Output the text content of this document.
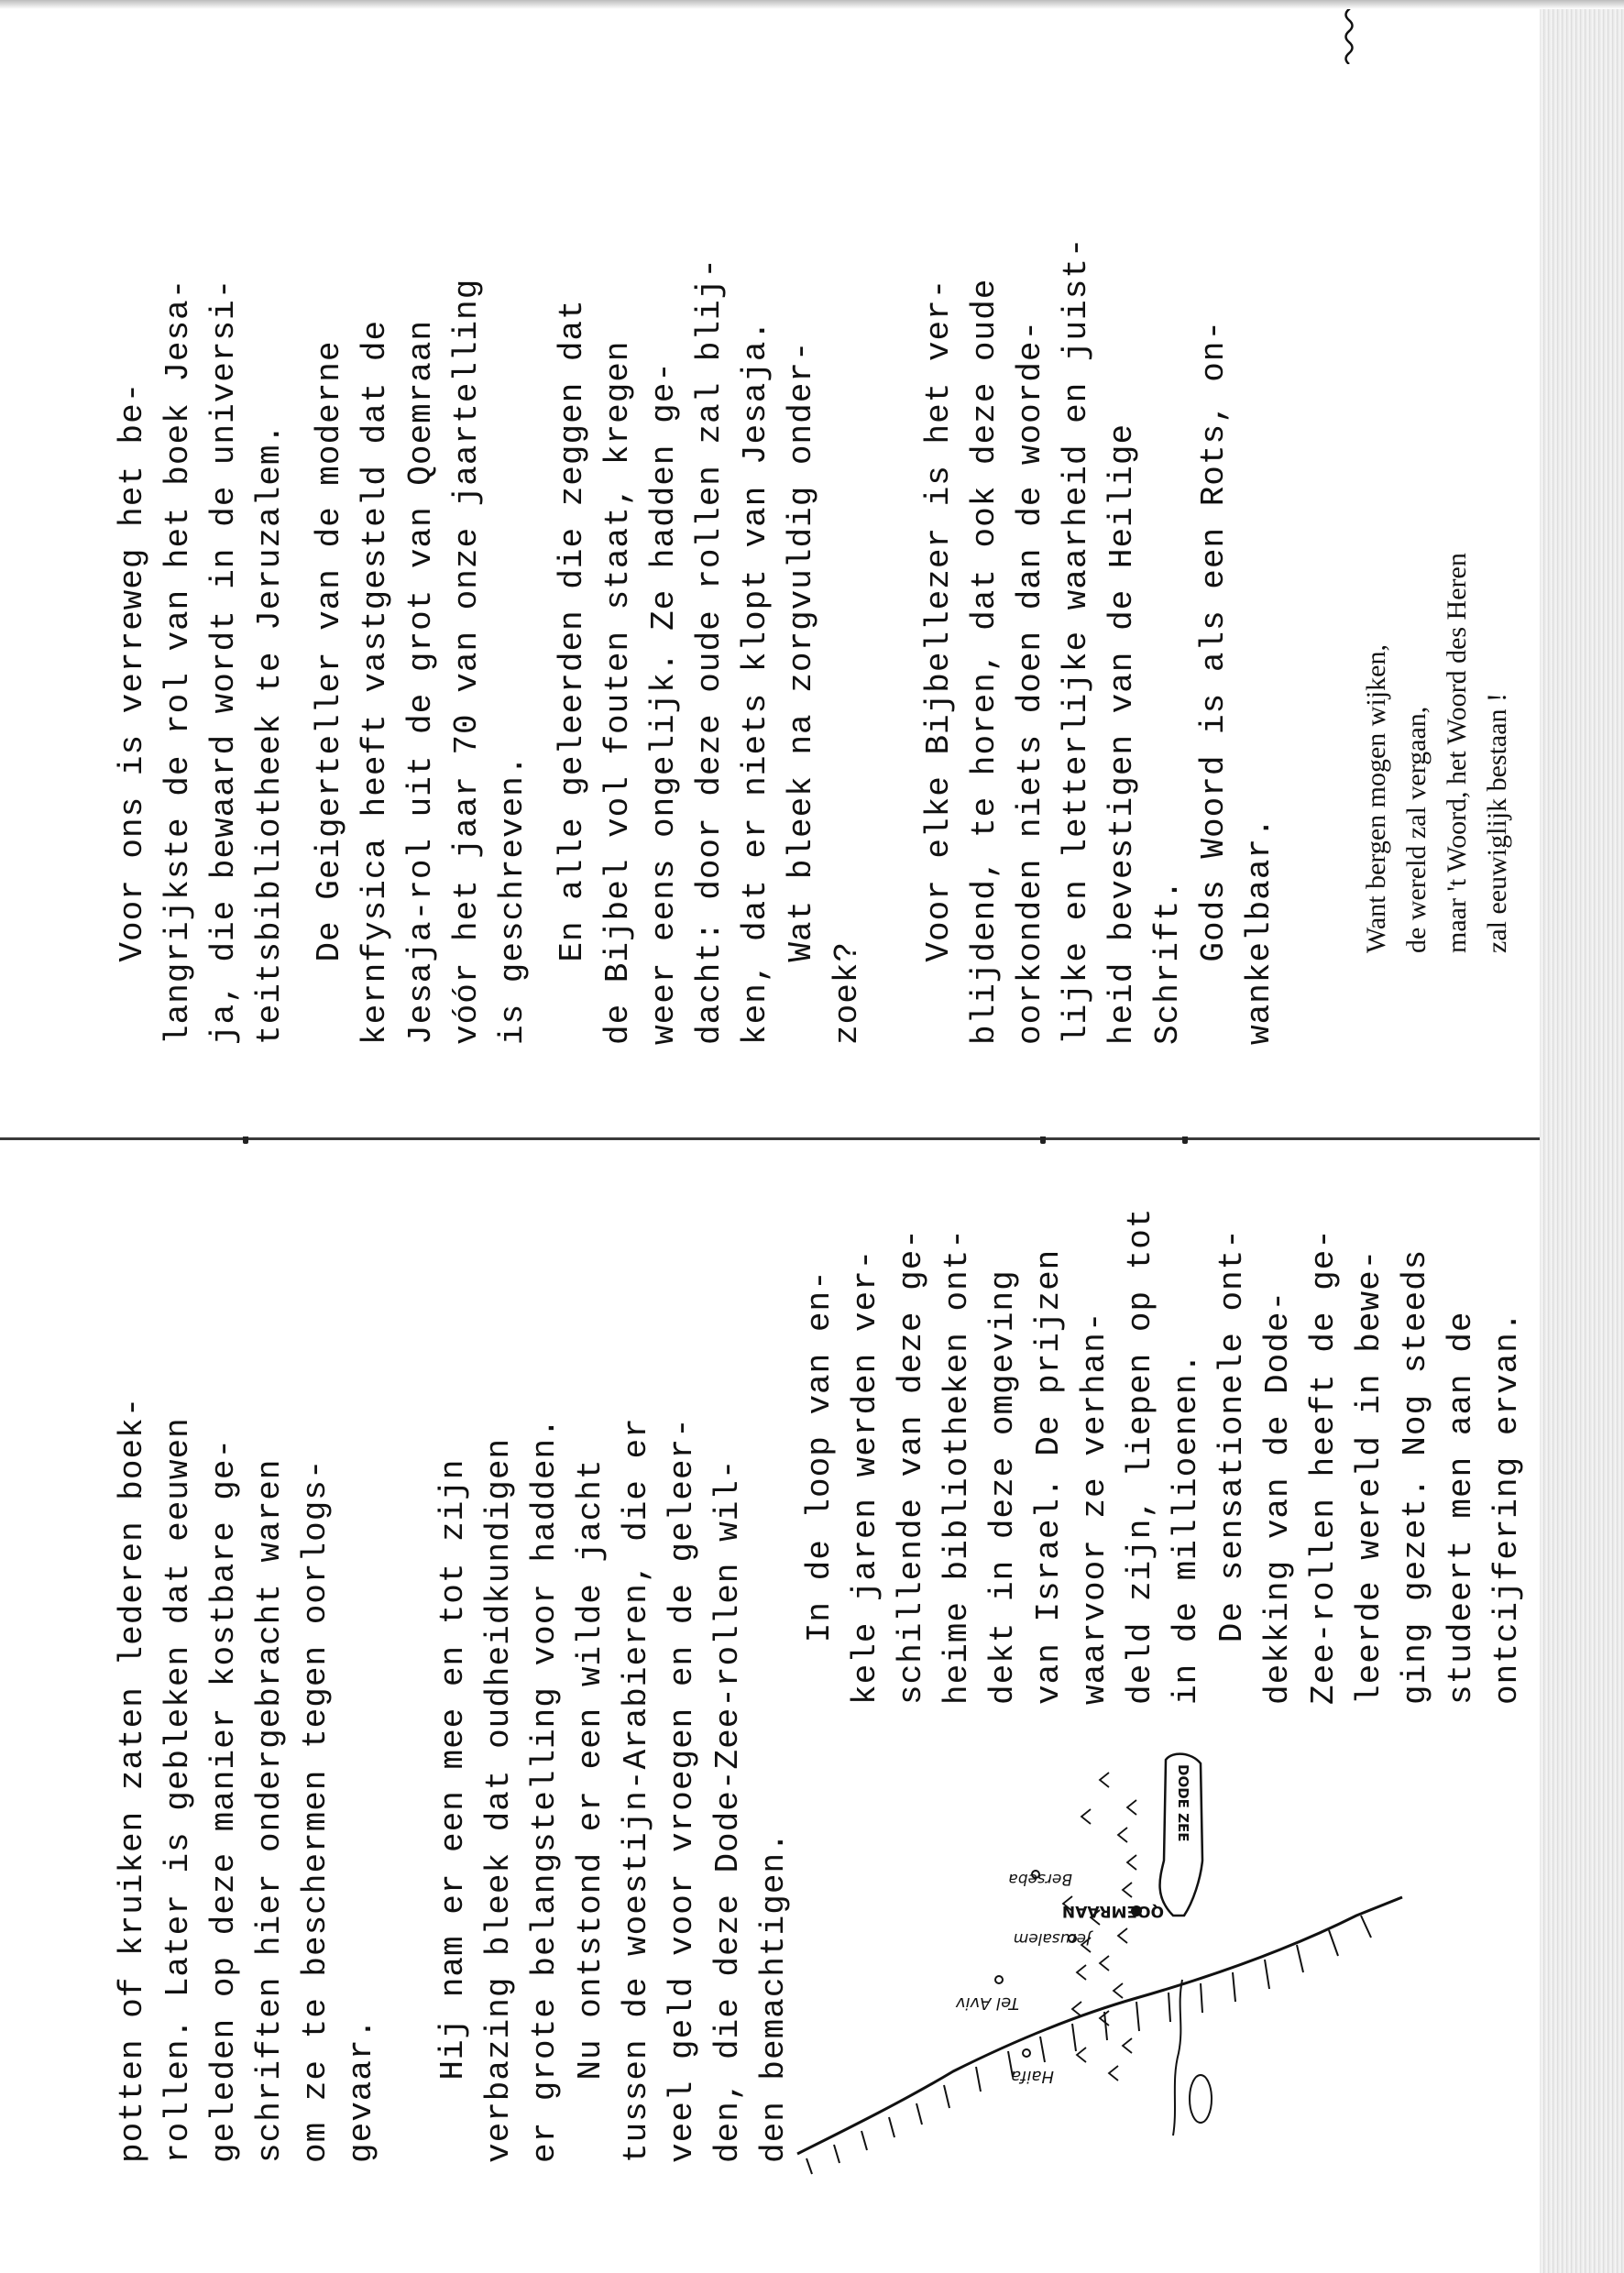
potten of kruiken zaten lederen boek- rollen. Later is gebleken dat eeuwen geleden op deze manier kostbare ge- schriften hier ondergebracht waren om ze te beschermen tegen oorlogs- gevaar. Hij nam er een mee en tot zijn verbazing bleek dat oudheidkundigen er grote belangstelling voor hadden. Nu ontstond er een wilde jacht tussen de woestijn-Arabieren, die er veel geld voor vroegen en de geleer- den, die deze Dode-Zee-rollen wil- den bemachtigen.

In de loop van en- kele jaren werden ver- schillende van deze ge- heime bibliotheken ont- dekt in deze omgeving van Israel. De prijzen waarvoor ze verhan- deld zijn, liepen op tot in de millioenen. De sensationele ont- dekking van de Dode- Zee-rollen heeft de ge- leerde wereld in bewe- ging gezet. Nog steeds studeert men aan de ontcijfering ervan.

DODE ZEE
Haifa
Tel Aviv
Jerusalem
QOEMRAAN
Berseba

Voor ons is verreweg het be- langrijkste de rol van het boek Jesa- ja, die bewaard wordt in de universi- teitsbibliotheek te Jeruzalem. De Geigerteller van de moderne kernfysica heeft vastgesteld dat de Jesaja-rol uit de grot van Qoemraan vóór het jaar 70 van onze jaartelling is geschreven. En alle geleerden die zeggen dat de Bijbel vol fouten staat, kregen weer eens ongelijk. Ze hadden ge- dacht: door deze oude rollen zal blij- ken, dat er niets klopt van Jesaja. Wat bleek na zorgvuldig onder- zoek? Voor elke Bijbellezer is het ver- blijdend, te horen, dat ook deze oude oorkonden niets doen dan de woorde- lijke en letterlijke waarheid en juist- heid bevestigen van de Heilige Schrift. Gods Woord is als een Rots, on- wankelbaar.	Want bergen mogen wijken, de wereld zal vergaan, maar 't Woord, het Woord des Heren zal eeuwiglijk bestaan !
